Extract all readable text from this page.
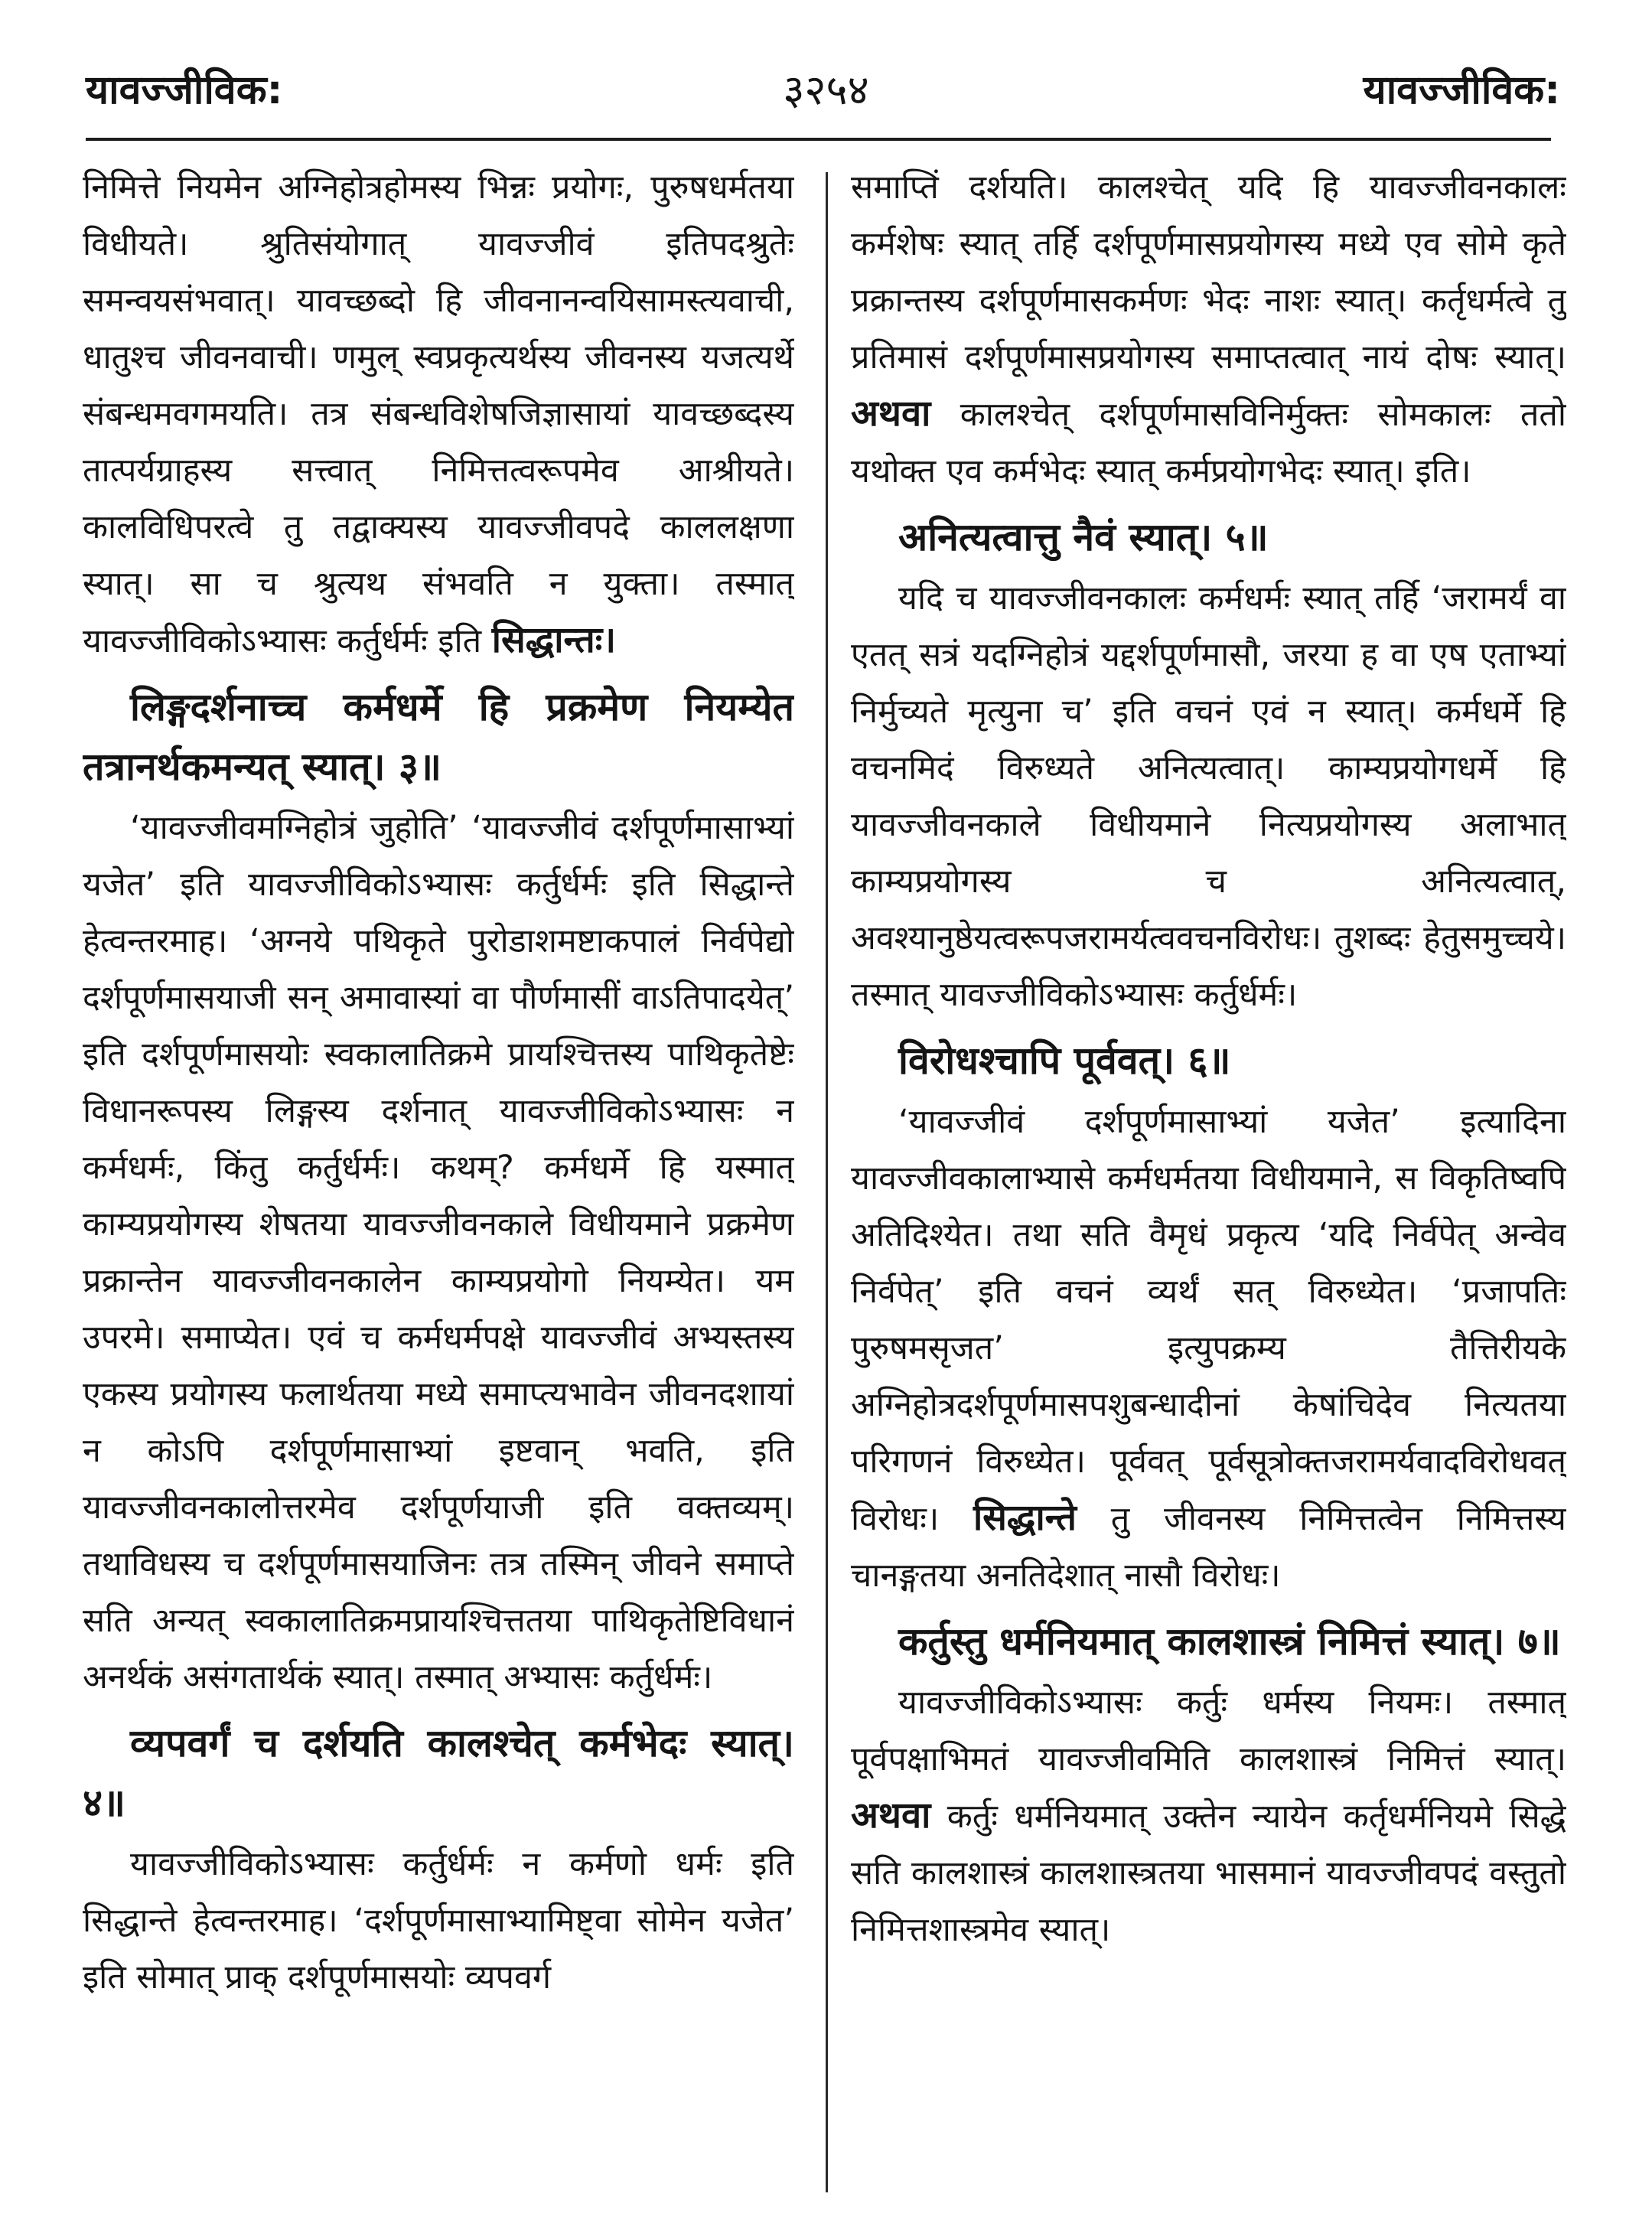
यावज्जीविक:	३२५४	यावज्जीविक:

निमित्ते नियमेन अग्निहोत्रहोमस्य भिन्नः प्रयोगः, पुरुषधर्मतया विधीयते। श्रुतिसंयोगात् यावज्जीवं इतिपदश्रुतेः समन्वयसंभवात्। यावच्छब्दो हि जीवनानन्वयिसामस्त्यवाची, धातुश्च जीवनवाची। णमुल् स्वप्रकृत्यर्थस्य जीवनस्य यजत्यर्थे संबन्धमवगमयति। तत्र संबन्धविशेषजिज्ञासायां यावच्छब्दस्य तात्पर्यग्राहस्य सत्त्वात् निमित्तत्वरूपमेव आश्रीयते। कालविधिपरत्वे तु तद्वाक्यस्य यावज्जीवपदे काललक्षणा स्यात्। सा च श्रुत्यथ संभवति न युक्ता। तस्मात् यावज्जीविकोऽभ्यासः कर्तुर्धर्मः इति सिद्धान्तः।

लिङ्गदर्शनाच्च कर्मधर्मे हि प्रक्रमेण नियम्येत तत्रानर्थकमन्यत् स्यात्। ३॥

‘यावज्जीवमग्निहोत्रं जुहोति’ ‘यावज्जीवं दर्शपूर्णमासाभ्यां यजेत’ इति यावज्जीविकोऽभ्यासः कर्तुर्धर्मः इति सिद्धान्ते हेत्वन्तरमाह। ‘अग्नये पथिकृते पुरोडाशमष्टाकपालं निर्वपेद्यो दर्शपूर्णमासयाजी सन् अमावास्यां वा पौर्णमासीं वाऽतिपादयेत्’ इति दर्शपूर्णमासयोः स्वकालातिक्रमे प्रायश्चित्तस्य पाथिकृतेष्टेः विधानरूपस्य लिङ्गस्य दर्शनात् यावज्जीविकोऽभ्यासः न कर्मधर्मः, किंतु कर्तुर्धर्मः। कथम्? कर्मधर्मे हि यस्मात् काम्यप्रयोगस्य शेषतया यावज्जीवनकाले विधीयमाने प्रक्रमेण प्रक्रान्तेन यावज्जीवनकालेन काम्यप्रयोगो नियम्येत। यम उपरमे। समाप्येत। एवं च कर्मधर्मपक्षे यावज्जीवं अभ्यस्तस्य एकस्य प्रयोगस्य फलार्थतया मध्ये समाप्त्यभावेन जीवनदशायां न कोऽपि दर्शपूर्णमासाभ्यां इष्टवान् भवति, इति यावज्जीवनकालोत्तरमेव दर्शपूर्णयाजी इति वक्तव्यम्। तथाविधस्य च दर्शपूर्णमासयाजिनः तत्र तस्मिन् जीवने समाप्ते सति अन्यत् स्वकालातिक्रमप्रायश्चित्ततया पाथिकृतेष्टिविधानं अनर्थकं असंगतार्थकं स्यात्। तस्मात् अभ्यासः कर्तुर्धर्मः।

व्यपवर्गं च दर्शयति कालश्चेत् कर्मभेदः स्यात्। ४॥

यावज्जीविकोऽभ्यासः कर्तुर्धर्मः न कर्मणो धर्मः इति सिद्धान्ते हेत्वन्तरमाह। ‘दर्शपूर्णमासाभ्यामिष्ट्वा सोमेन यजेत’ इति सोमात् प्राक् दर्शपूर्णमासयोः व्यपवर्ग

समाप्तिं दर्शयति। कालश्चेत् यदि हि यावज्जीवनकालः कर्मशेषः स्यात् तर्हि दर्शपूर्णमासप्रयोगस्य मध्ये एव सोमे कृते प्रक्रान्तस्य दर्शपूर्णमासकर्मणः भेदः नाशः स्यात्। कर्तृधर्मत्वे तु प्रतिमासं दर्शपूर्णमासप्रयोगस्य समाप्तत्वात् नायं दोषः स्यात्। अथवा कालश्चेत् दर्शपूर्णमासविनिर्मुक्तः सोमकालः ततो यथोक्त एव कर्मभेदः स्यात् कर्मप्रयोगभेदः स्यात्। इति।

अनित्यत्वात्तु नैवं स्यात्। ५॥

यदि च यावज्जीवनकालः कर्मधर्मः स्यात् तर्हि ‘जरामर्यं वा एतत् सत्रं यदग्निहोत्रं यद्दर्शपूर्णमासौ, जरया ह वा एष एताभ्यां निर्मुच्यते मृत्युना च’ इति वचनं एवं न स्यात्। कर्मधर्मे हि वचनमिदं विरुध्यते अनित्यत्वात्। काम्यप्रयोगधर्मे हि यावज्जीवनकाले विधीयमाने नित्यप्रयोगस्य अलाभात् काम्यप्रयोगस्य च अनित्यत्वात्, अवश्यानुष्ठेयत्वरूपजरामर्यत्ववचनविरोधः। तुशब्दः हेतुसमुच्चये। तस्मात् यावज्जीविकोऽभ्यासः कर्तुर्धर्मः।

विरोधश्चापि पूर्ववत्। ६॥

‘यावज्जीवं दर्शपूर्णमासाभ्यां यजेत’ इत्यादिना यावज्जीवकालाभ्यासे कर्मधर्मतया विधीयमाने, स विकृतिष्वपि अतिदिश्येत। तथा सति वैमृधं प्रकृत्य ‘यदि निर्वपेत् अन्वेव निर्वपेत्’ इति वचनं व्यर्थं सत् विरुध्येत। ‘प्रजापतिः पुरुषमसृजत’ इत्युपक्रम्य तैत्तिरीयके अग्निहोत्रदर्शपूर्णमासपशुबन्धादीनां केषांचिदेव नित्यतया परिगणनं विरुध्येत। पूर्ववत् पूर्वसूत्रोक्तजरामर्यवादविरोधवत् विरोधः। सिद्धान्ते तु जीवनस्य निमित्तत्वेन निमित्तस्य चानङ्गतया अनतिदेशात् नासौ विरोधः।

कर्तुस्तु धर्मनियमात् कालशास्त्रं निमित्तं स्यात्। ७॥

यावज्जीविकोऽभ्यासः कर्तुः धर्मस्य नियमः। तस्मात् पूर्वपक्षाभिमतं यावज्जीवमिति कालशास्त्रं निमित्तं स्यात्। अथवा कर्तुः धर्मनियमात् उक्तेन न्यायेन कर्तृधर्मनियमे सिद्धे सति कालशास्त्रं कालशास्त्रतया भासमानं यावज्जीवपदं वस्तुतो निमित्तशास्त्रमेव स्यात्।
